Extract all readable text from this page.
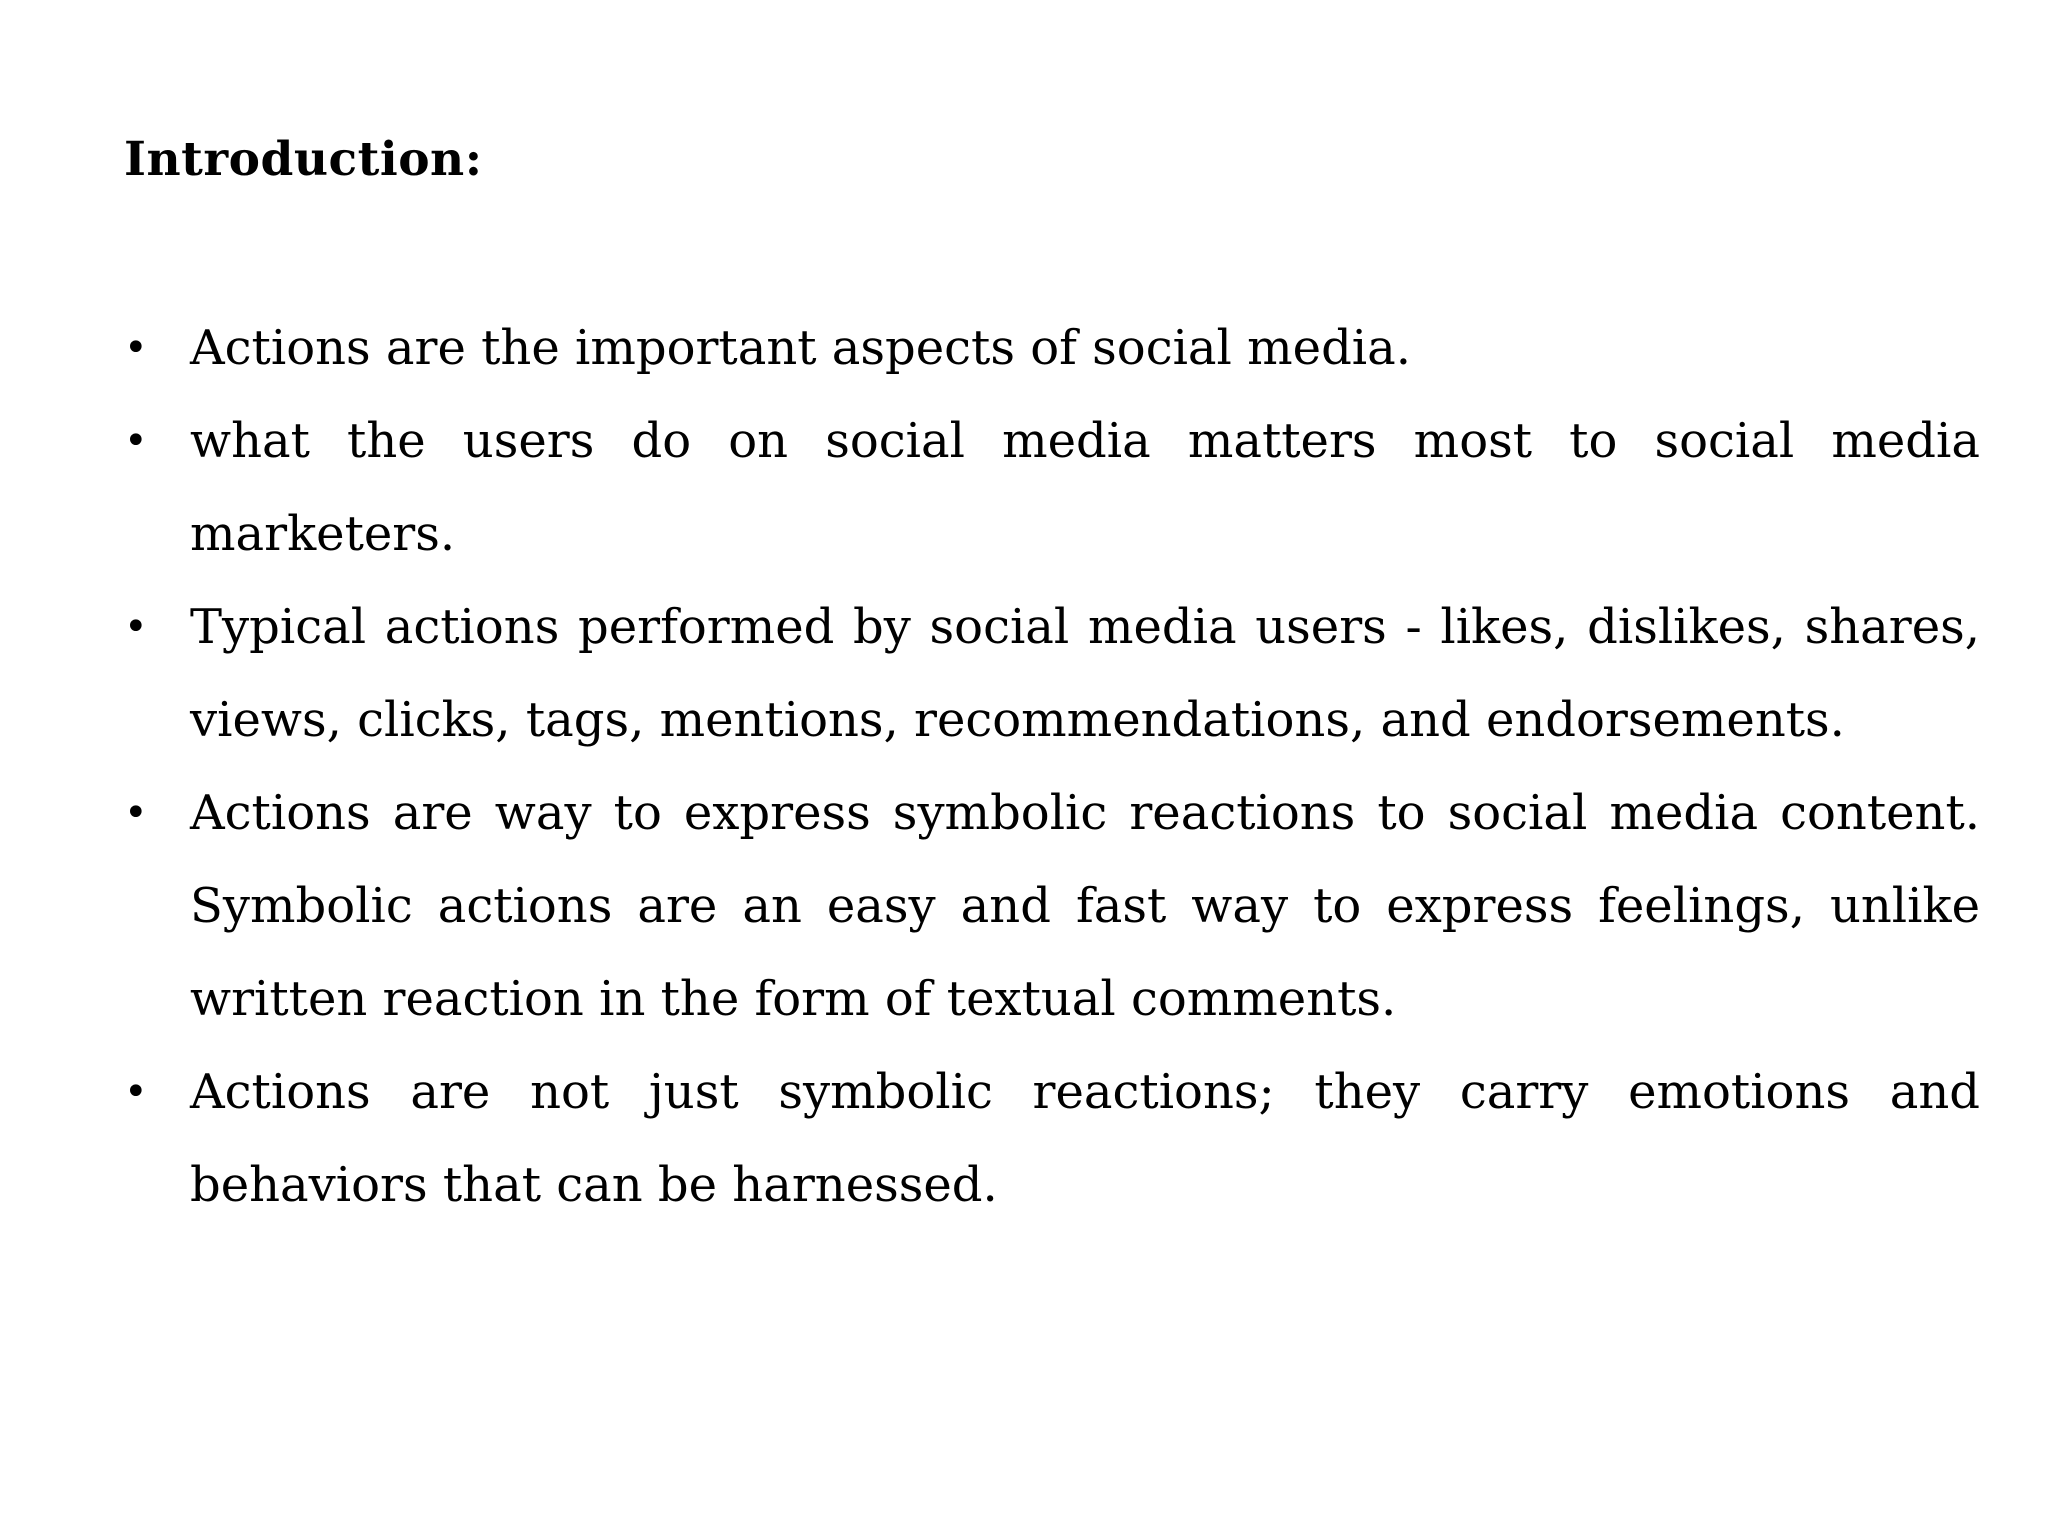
Introduction:
• Actions are the important aspects of social media.
• what the users do on social media matters most to social media marketers.
• Typical actions performed by social media users - likes, dislikes, shares, views, clicks, tags, mentions, recommendations, and endorsements.
• Actions are way to express symbolic reactions to social media content. Symbolic actions are an easy and fast way to express feelings, unlike written reaction in the form of textual comments.
• Actions are not just symbolic reactions; they carry emotions and behaviors that can be harnessed.
